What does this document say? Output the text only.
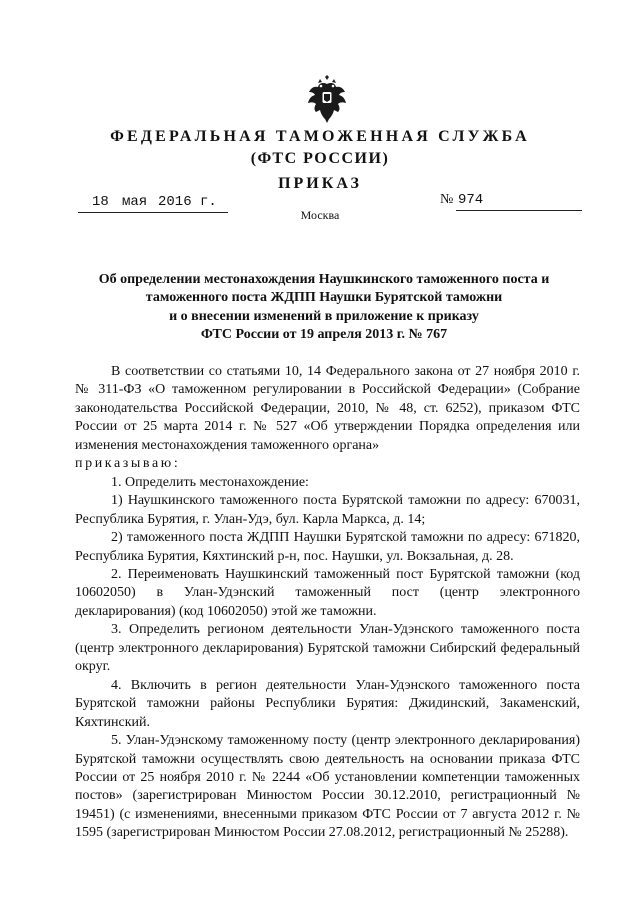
ФЕДЕРАЛЬНАЯ ТАМОЖЕННАЯ СЛУЖБА
(ФТС РОССИИ)
ПРИКАЗ
18 мая 2016 г.	№ 974
Москва
Об определении местонахождения Наушкинского таможенного поста и
таможенного поста ЖДПП Наушки Бурятской таможни
и о внесении изменений в приложение к приказу
ФТС России от 19 апреля 2013 г. № 767

В соответствии со статьями 10, 14 Федерального закона от 27 ноября 2010 г. № 311-ФЗ «О таможенном регулировании в Российской Федерации» (Собрание законодательства Российской Федерации, 2010, № 48, ст. 6252), приказом ФТС России от 25 марта 2014 г. № 527 «Об утверждении Порядка определения или изменения местонахождения таможенного органа»

приказываю:

1. Определить местонахождение:

1) Наушкинского таможенного поста Бурятской таможни по адресу: 670031, Республика Бурятия, г. Улан-Удэ, бул. Карла Маркса, д. 14;

2) таможенного поста ЖДПП Наушки Бурятской таможни по адресу: 671820, Республика Бурятия, Кяхтинский р-н, пос. Наушки, ул. Вокзальная, д. 28.

2. Переименовать Наушкинский таможенный пост Бурятской таможни (код 10602050) в Улан-Удэнский таможенный пост (центр электронного декларирования) (код 10602050) этой же таможни.

3. Определить регионом деятельности Улан-Удэнского таможенного поста (центр электронного декларирования) Бурятской таможни Сибирский федеральный округ.

4. Включить в регион деятельности Улан-Удэнского таможенного поста Бурятской таможни районы Республики Бурятия: Джидинский, Закаменский, Кяхтинский.

5. Улан-Удэнскому таможенному посту (центр электронного декларирования) Бурятской таможни осуществлять свою деятельность на основании приказа ФТС России от 25 ноября 2010 г. № 2244 «Об установлении компетенции таможенных постов» (зарегистрирован Минюстом России 30.12.2010, регистрационный № 19451) (с изменениями, внесенными приказом ФТС России от 7 августа 2012 г. № 1595 (зарегистрирован Минюстом России 27.08.2012, регистрационный № 25288).
